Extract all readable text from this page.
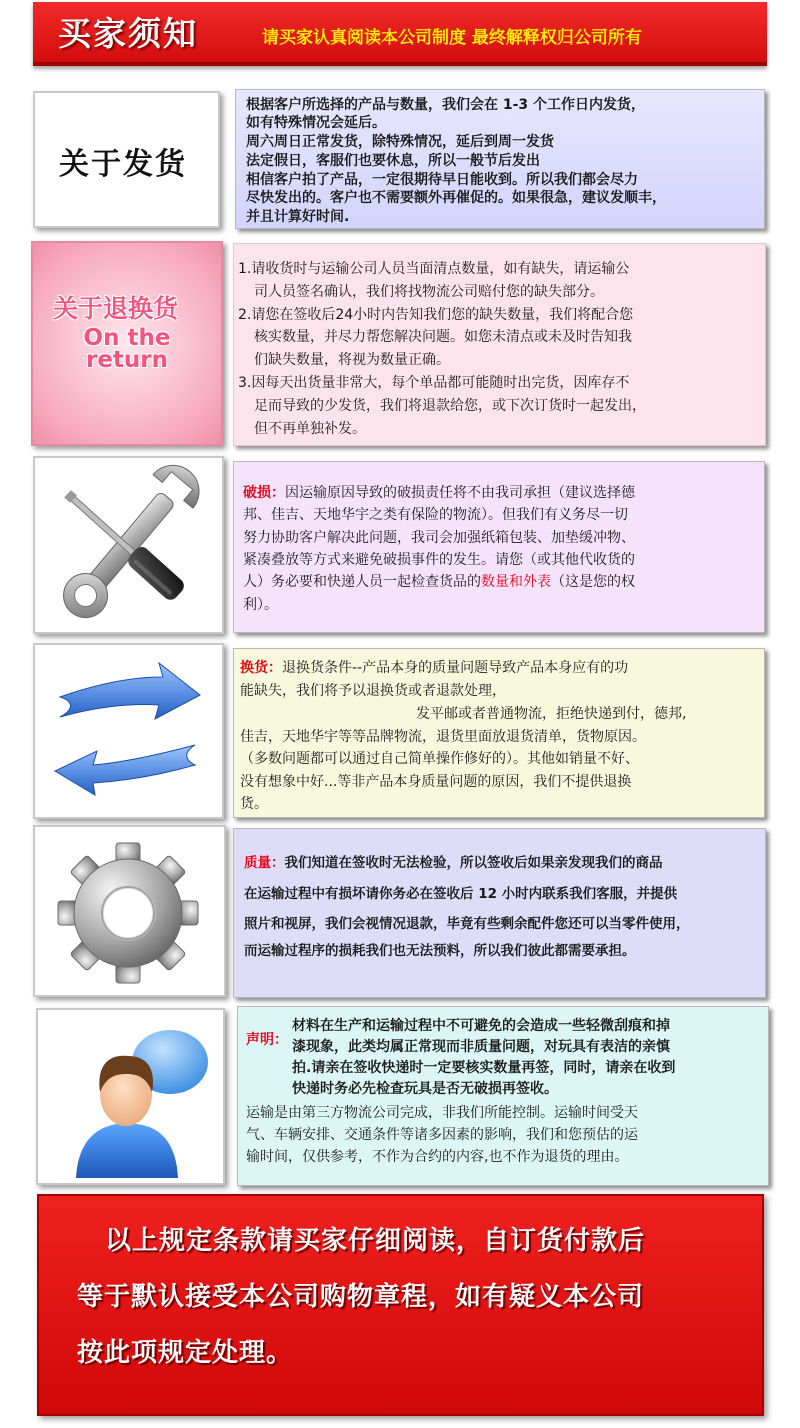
买家须知	请买家认真阅读本公司制度 最终解释权归公司所有
关于发货
根据客户所选择的产品与数量，我们会在 1-3 个工作日内发货，
如有特殊情况会延后。
周六周日正常发货，除特殊情况，延后到周一发货
法定假日，客服们也要休息，所以一般节后发出
相信客户拍了产品，一定很期待早日能收到。所以我们都会尽力
尽快发出的。客户也不需要额外再催促的。如果很急，建议发顺丰，
并且计算好时间.
关于退换货
On the
return
1.请收货时与运输公司人员当面清点数量，如有缺失，请运输公
司人员签名确认，我们将找物流公司赔付您的缺失部分。
2.请您在签收后24小时内告知我们您的缺失数量，我们将配合您
核实数量，并尽力帮您解决问题。如您未清点或未及时告知我
们缺失数量，将视为数量正确。
3.因每天出货量非常大，每个单品都可能随时出完货，因库存不
足而导致的少发货，我们将退款给您，或下次订货时一起发出，
但不再单独补发。
破损：因运输原因导致的破损责任将不由我司承担（建议选择德
邦、佳吉、天地华宇之类有保险的物流）。但我们有义务尽一切
努力协助客户解决此问题，我司会加强纸箱包装、加垫缓冲物、
紧凑叠放等方式来避免破损事件的发生。请您（或其他代收货的
人）务必要和快递人员一起检查货品的数量和外表（这是您的权
利）。
换货：退换货条件--产品本身的质量问题导致产品本身应有的功
能缺失，我们将予以退换货或者退款处理，
发平邮或者普通物流，拒绝快递到付，德邦,
佳吉，天地华宇等等品牌物流，退货里面放退货清单，货物原因。
（多数问题都可以通过自己简单操作修好的）。其他如销量不好、
没有想象中好...等非产品本身质量问题的原因，我们不提供退换
货。
质量：我们知道在签收时无法检验，所以签收后如果亲发现我们的商品
在运输过程中有损坏请你务必在签收后 12 小时内联系我们客服，并提供
照片和视屏，我们会视情况退款，毕竟有些剩余配件您还可以当零件使用，
而运输过程序的损耗我们也无法预料，所以我们彼此都需要承担。
声明：
材料在生产和运输过程中不可避免的会造成一些轻微刮痕和掉
漆现象，此类均属正常现而非质量问题，对玩具有表洁的亲慎
拍.请亲在签收快递时一定要核实数量再签，同时，请亲在收到
快递时务必先检查玩具是否无破损再签收。
运输是由第三方物流公司完成，非我们所能控制。运输时间受天
气、车辆安排、交通条件等诸多因素的影响，我们和您预估的运
输时间，仅供参考，不作为合约的内容,也不作为退货的理由。
以上规定条款请买家仔细阅读，自订货付款后
等于默认接受本公司购物章程，如有疑义本公司
按此项规定处理。
